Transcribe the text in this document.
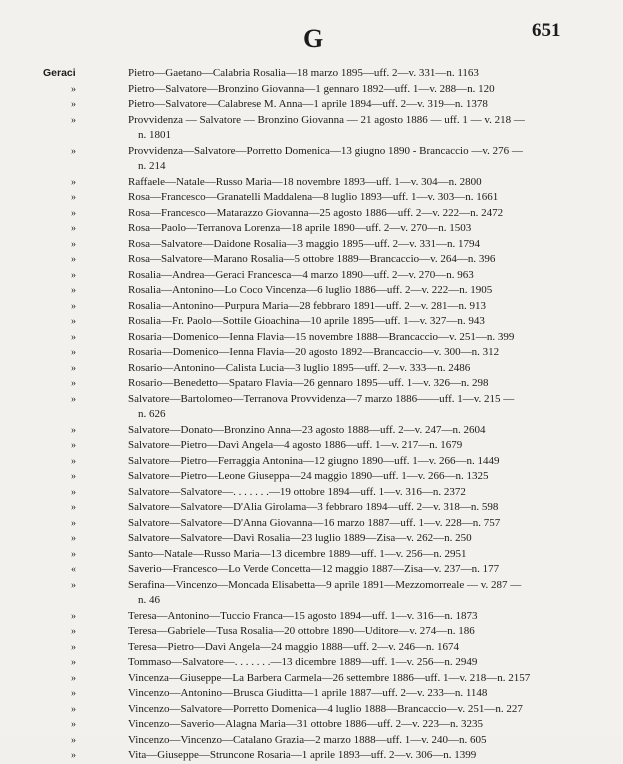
G	651
Geraci	Pietro—Gaetano—Calabria Rosalia—18 marzo 1895—uff. 2—v. 331—n. 1163
»	Pietro—Salvatore—Bronzino Giovanna—1 gennaro 1892—uff. 1—v. 288—n. 120
»	Pietro—Salvatore—Calabrese M. Anna—1 aprile 1894—uff. 2—v. 319—n. 1378
»	Provvidenza — Salvatore — Bronzino Giovanna — 21 agosto 1886 — uff. 1 — v. 218 —
n. 1801
»	Provvidenza—Salvatore—Porretto Domenica—13 giugno 1890 - Brancaccio —v. 276 —
n. 214
»	Raffaele—Natale—Russo Maria—18 novembre 1893—uff. 1—v. 304—n. 2800
»	Rosa—Francesco—Granatelli Maddalena—8 luglio 1893—uff. 1—v. 303—n. 1661
»	Rosa—Francesco—Matarazzo Giovanna—25 agosto 1886—uff. 2—v. 222—n. 2472
»	Rosa—Paolo—Terranova Lorenza—18 aprile 1890—uff. 2—v. 270—n. 1503
»	Rosa—Salvatore—Daidone Rosalia—3 maggio 1895—uff. 2—v. 331—n. 1794
»	Rosa—Salvatore—Marano Rosalia—5 ottobre 1889—Brancaccio—v. 264—n. 396
»	Rosalia—Andrea—Geraci Francesca—4 marzo 1890—uff. 2—v. 270—n. 963
»	Rosalia—Antonino—Lo Coco Vincenza—6 luglio 1886—uff. 2—v. 222—n. 1905
»	Rosalia—Antonino—Purpura Maria—28 febbraro 1891—uff. 2—v. 281—n. 913
»	Rosalia—Fr. Paolo—Sottile Gioachina—10 aprile 1895—uff. 1—v. 327—n. 943
»	Rosaria—Domenico—Ienna Flavia—15 novembre 1888—Brancaccio—v. 251—n. 399
»	Rosaria—Domenico—Ienna Flavia—20 agosto 1892—Brancaccio—v. 300—n. 312
»	Rosario—Antonino—Calista Lucia—3 luglio 1895—uff. 2—v. 333—n. 2486
»	Rosario—Benedetto—Spataro Flavia—26 gennaro 1895—uff. 1—v. 326—n. 298
»	Salvatore—Bartolomeo—Terranova Provvidenza—7 marzo 1886——uff. 1—v. 215 —
n. 626
»	Salvatore—Donato—Bronzino Anna—23 agosto 1888—uff. 2—v. 247—n. 2604
»	Salvatore—Pietro—Davì Angela—4 agosto 1886—uff. 1—v. 217—n. 1679
»	Salvatore—Pietro—Ferraggia Antonina—12 giugno 1890—uff. 1—v. 266—n. 1449
»	Salvatore—Pietro—Leone Giuseppa—24 maggio 1890—uff. 1—v. 266—n. 1325
»	Salvatore—Salvatore—. . . . . . .—19 ottobre 1894—uff. 1—v. 316—n. 2372
»	Salvatore—Salvatore—D'Alia Girolama—3 febbraro 1894—uff. 2—v. 318—n. 598
»	Salvatore—Salvatore—D'Anna Giovanna—16 marzo 1887—uff. 1—v. 228—n. 757
»	Salvatore—Salvatore—Davì Rosalia—23 luglio 1889—Zisa—v. 262—n. 250
»	Santo—Natale—Russo Maria—13 dicembre 1889—uff. 1—v. 256—n. 2951
«	Saverio—Francesco—Lo Verde Concetta—12 maggio 1887—Zisa—v. 237—n. 177
»	Serafina—Vincenzo—Moncada Elisabetta—9 aprile 1891—Mezzomorreale — v. 287 —
n. 46
»	Teresa—Antonino—Tuccio Franca—15 agosto 1894—uff. 1—v. 316—n. 1873
»	Teresa—Gabriele—Tusa Rosalia—20 ottobre 1890—Uditore—v. 274—n. 186
»	Teresa—Pietro—Davì Angela—24 maggio 1888—uff. 2—v. 246—n. 1674
»	Tommaso—Salvatore—. . . . . . .—13 dicembre 1889—uff. 1—v. 256—n. 2949
»	Vincenza—Giuseppe—La Barbera Carmela—26 settembre 1886—uff. 1—v. 218—n. 2157
»	Vincenzo—Antonino—Brusca Giuditta—1 aprile 1887—uff. 2—v. 233—n. 1148
»	Vincenzo—Salvatore—Porretto Domenica—4 luglio 1888—Brancaccio—v. 251—n. 227
»	Vincenzo—Saverio—Alagna Maria—31 ottobre 1886—uff. 2—v. 223—n. 3235
»	Vincenzo—Vincenzo—Catalano Grazia—2 marzo 1888—uff. 1—v. 240—n. 605
»	Vita—Giuseppe—Struncone Rosaria—1 aprile 1893—uff. 2—v. 306—n. 1399
